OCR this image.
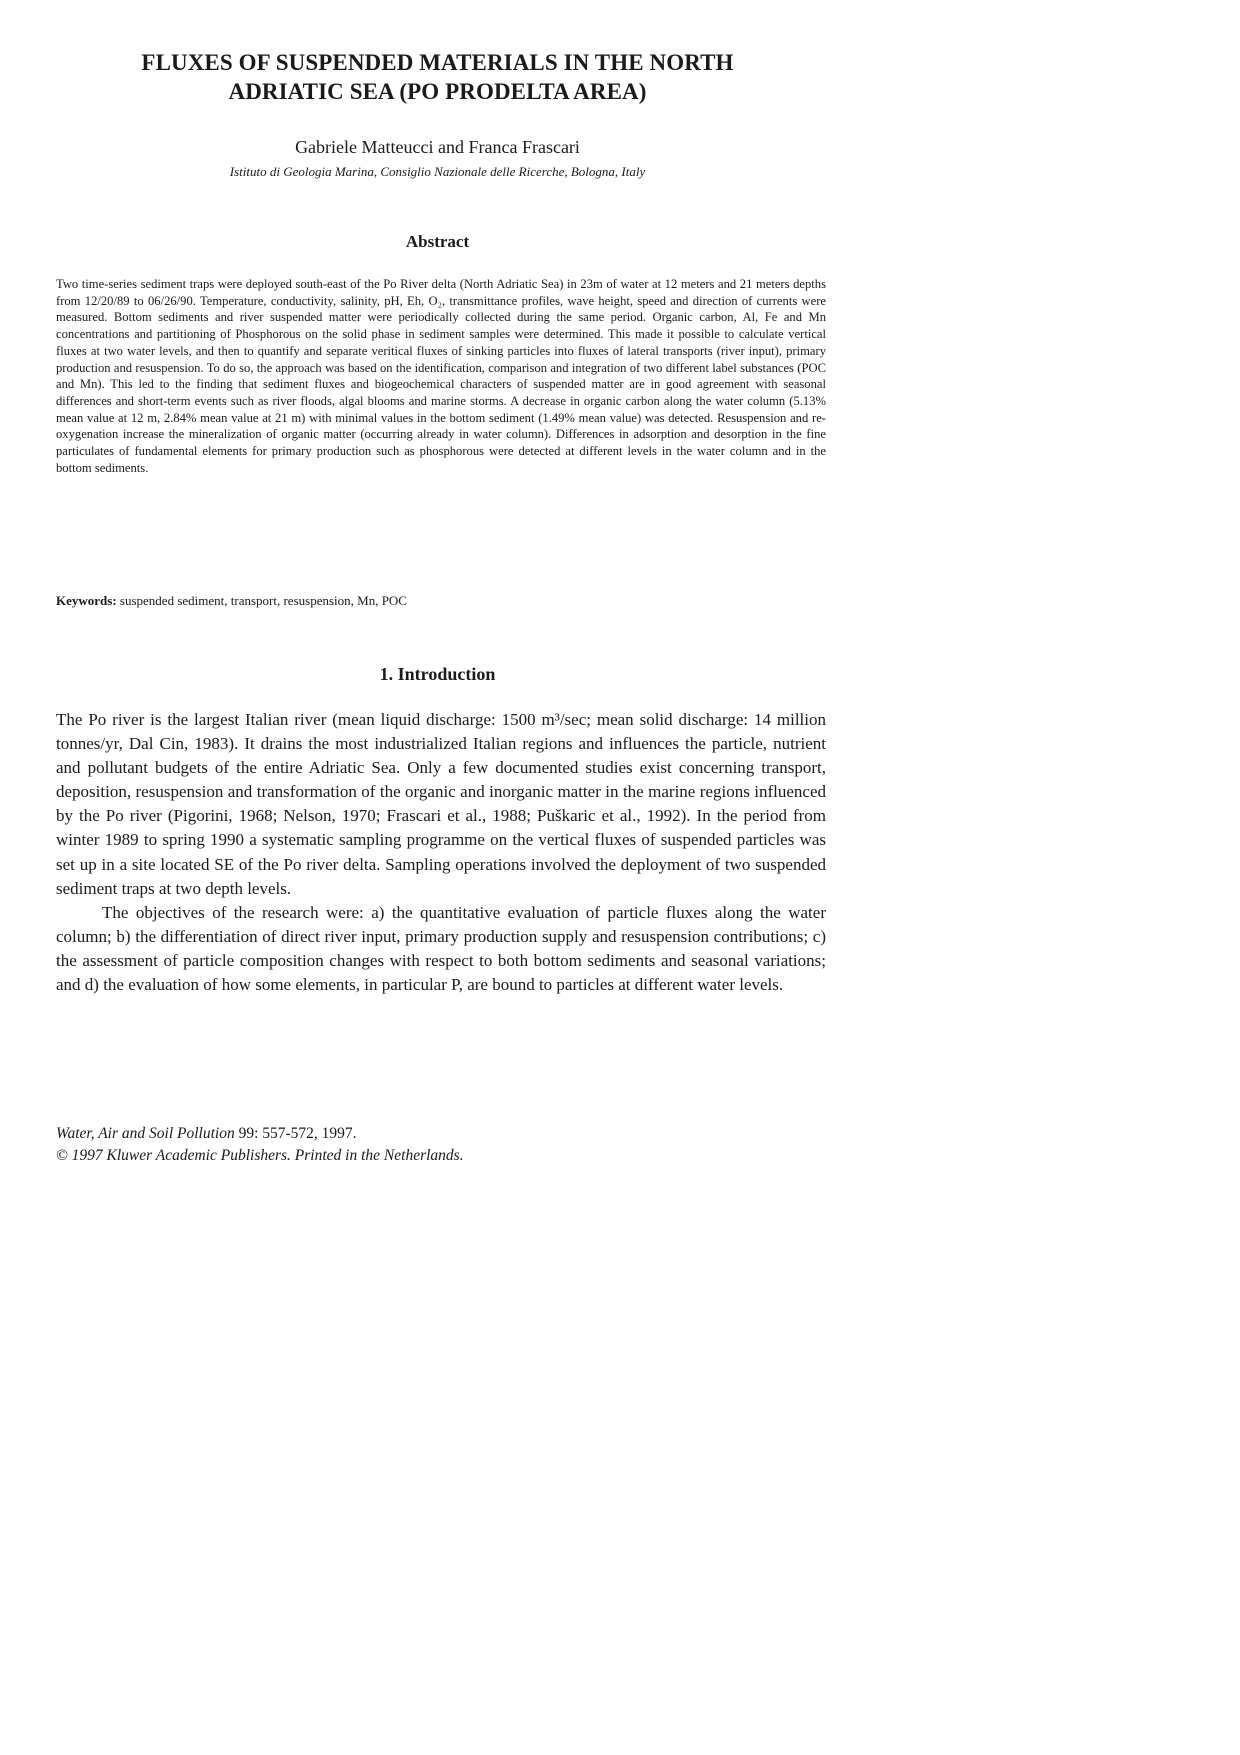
FLUXES OF SUSPENDED MATERIALS IN THE NORTH
ADRIATIC SEA (PO PRODELTA AREA)
Gabriele Matteucci and Franca Frascari
Istituto di Geologia Marina, Consiglio Nazionale delle Ricerche, Bologna, Italy
Abstract
Two time-series sediment traps were deployed south-east of the Po River delta (North Adriatic Sea) in 23m of water at 12 meters and 21 meters depths from 12/20/89 to 06/26/90. Temperature, conductivity, salinity, pH, Eh, O₂, transmittance profiles, wave height, speed and direction of currents were measured. Bottom sediments and river suspended matter were periodically collected during the same period. Organic carbon, Al, Fe and Mn concentrations and partitioning of Phosphorous on the solid phase in sediment samples were determined. This made it possible to calculate vertical fluxes at two water levels, and then to quantify and separate veritical fluxes of sinking particles into fluxes of lateral transports (river input), primary production and resuspension. To do so, the approach was based on the identification, comparison and integration of two different label substances (POC and Mn). This led to the finding that sediment fluxes and biogeochemical characters of suspended matter are in good agreement with seasonal differences and short-term events such as river floods, algal blooms and marine storms. A decrease in organic carbon along the water column (5.13% mean value at 12 m, 2.84% mean value at 21 m) with minimal values in the bottom sediment (1.49% mean value) was detected. Resuspension and re-oxygenation increase the mineralization of organic matter (occurring already in water column). Differences in adsorption and desorption in the fine particulates of fundamental elements for primary production such as phosphorous were detected at different levels in the water column and in the bottom sediments.
Keywords: suspended sediment, transport, resuspension, Mn, POC
1. Introduction

The Po river is the largest Italian river (mean liquid discharge: 1500 m³/sec; mean solid discharge: 14 million tonnes/yr, Dal Cin, 1983). It drains the most industrialized Italian regions and influences the particle, nutrient and pollutant budgets of the entire Adriatic Sea. Only a few documented studies exist concerning transport, deposition, resuspension and transformation of the organic and inorganic matter in the marine regions influenced by the Po river (Pigorini, 1968; Nelson, 1970; Frascari et al., 1988; Puškaric et al., 1992). In the period from winter 1989 to spring 1990 a systematic sampling programme on the vertical fluxes of suspended particles was set up in a site located SE of the Po river delta. Sampling operations involved the deployment of two suspended sediment traps at two depth levels.

The objectives of the research were: a) the quantitative evaluation of particle fluxes along the water column; b) the differentiation of direct river input, primary production supply and resuspension contributions; c) the assessment of particle composition changes with respect to both bottom sediments and seasonal variations; and d) the evaluation of how some elements, in particular P, are bound to particles at different water levels.

Water, Air and Soil Pollution 99: 557-572, 1997.
© 1997 Kluwer Academic Publishers. Printed in the Netherlands.
